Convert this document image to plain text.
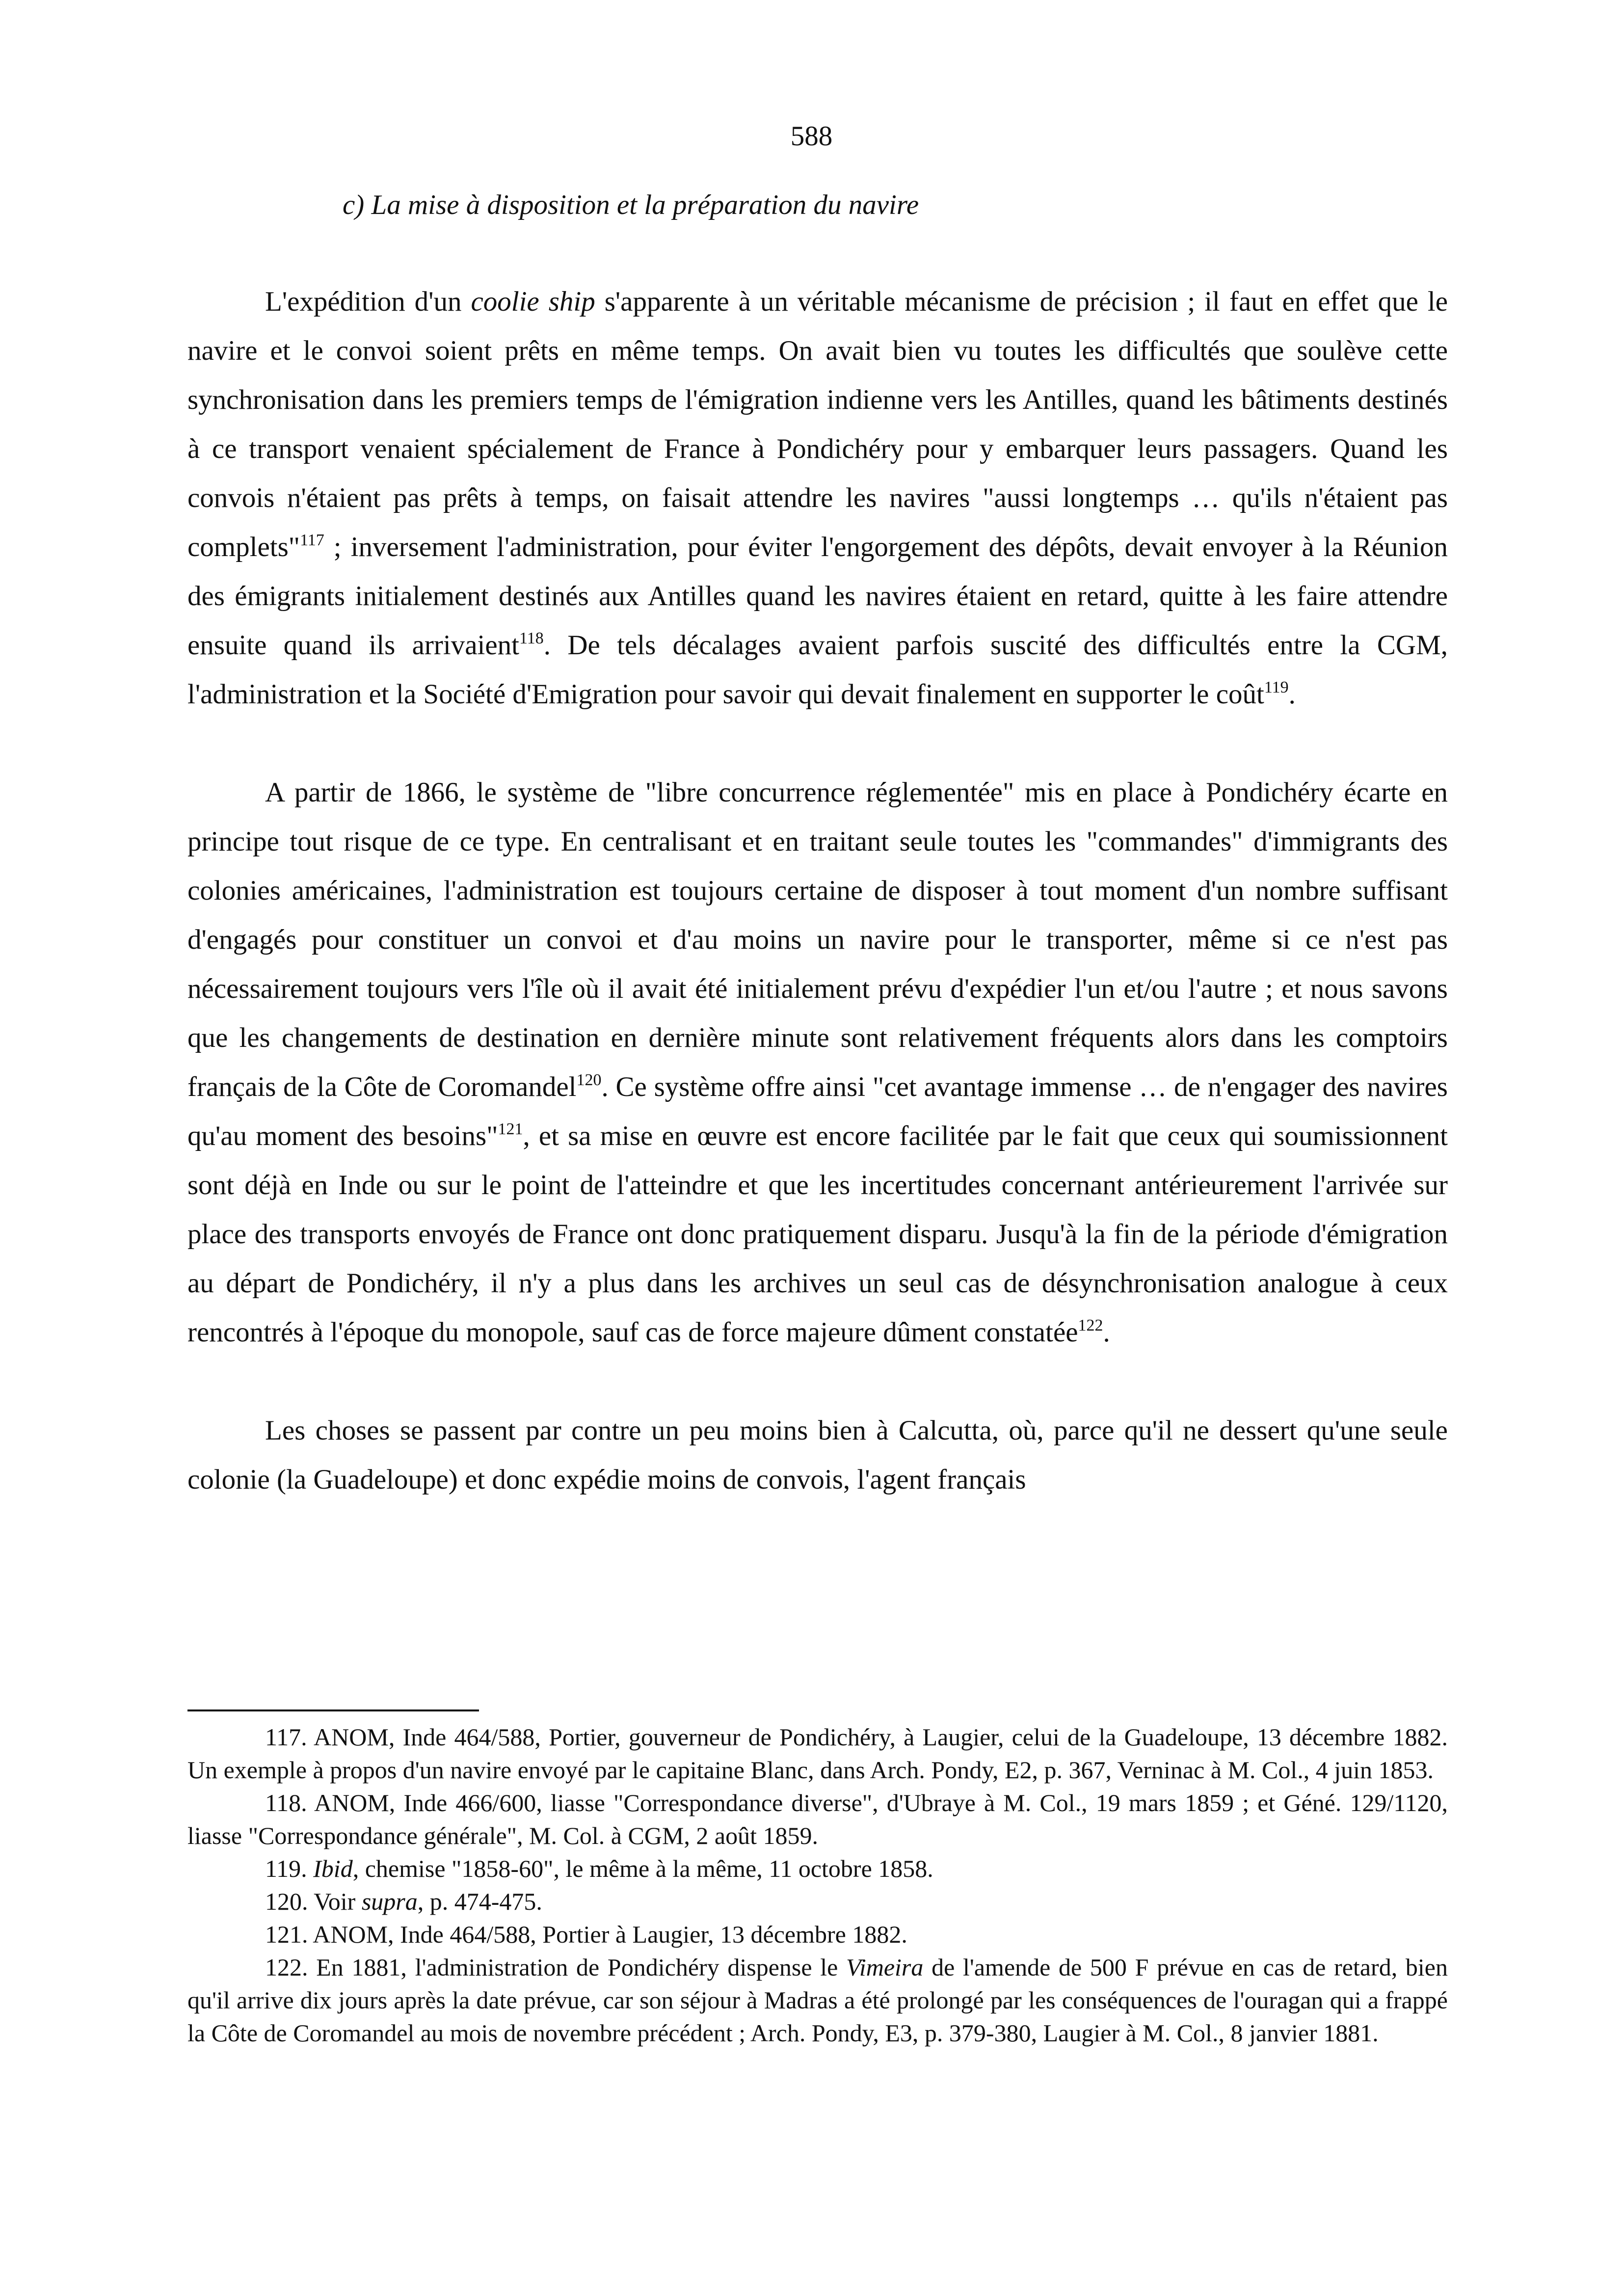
588
c) La mise à disposition et la préparation du navire

L'expédition d'un coolie ship s'apparente à un véritable mécanisme de précision ; il faut en effet que le navire et le convoi soient prêts en même temps. On avait bien vu toutes les difficultés que soulève cette synchronisation dans les premiers temps de l'émigration indienne vers les Antilles, quand les bâtiments destinés à ce transport venaient spécialement de France à Pondichéry pour y embarquer leurs passagers. Quand les convois n'étaient pas prêts à temps, on faisait attendre les navires "aussi longtemps … qu'ils n'étaient pas complets"$^{117}$ ; inversement l'administration, pour éviter l'engorgement des dépôts, devait envoyer à la Réunion des émigrants initialement destinés aux Antilles quand les navires étaient en retard, quitte à les faire attendre ensuite quand ils arrivaient$^{118}$. De tels décalages avaient parfois suscité des difficultés entre la CGM, l'administration et la Société d'Emigration pour savoir qui devait finalement en supporter le coût$^{119}$.

A partir de 1866, le système de "libre concurrence réglementée" mis en place à Pondichéry écarte en principe tout risque de ce type. En centralisant et en traitant seule toutes les "commandes" d'immigrants des colonies américaines, l'administration est toujours certaine de disposer à tout moment d'un nombre suffisant d'engagés pour constituer un convoi et d'au moins un navire pour le transporter, même si ce n'est pas nécessairement toujours vers l'île où il avait été initialement prévu d'expédier l'un et/ou l'autre ; et nous savons que les changements de destination en dernière minute sont relativement fréquents alors dans les comptoirs français de la Côte de Coromandel$^{120}$. Ce système offre ainsi "cet avantage immense … de n'engager des navires qu'au moment des besoins"$^{121}$, et sa mise en œuvre est encore facilitée par le fait que ceux qui soumissionnent sont déjà en Inde ou sur le point de l'atteindre et que les incertitudes concernant antérieurement l'arrivée sur place des transports envoyés de France ont donc pratiquement disparu. Jusqu'à la fin de la période d'émigration au départ de Pondichéry, il n'y a plus dans les archives un seul cas de désynchronisation analogue à ceux rencontrés à l'époque du monopole, sauf cas de force majeure dûment constatée$^{122}$.

Les choses se passent par contre un peu moins bien à Calcutta, où, parce qu'il ne dessert qu'une seule colonie (la Guadeloupe) et donc expédie moins de convois, l'agent français

117. ANOM, Inde 464/588, Portier, gouverneur de Pondichéry, à Laugier, celui de la Guadeloupe, 13 décembre 1882. Un exemple à propos d'un navire envoyé par le capitaine Blanc, dans Arch. Pondy, E2, p. 367, Verninac à M. Col., 4 juin 1853.

118. ANOM, Inde 466/600, liasse "Correspondance diverse", d'Ubraye à M. Col., 19 mars 1859 ; et Géné. 129/1120, liasse "Correspondance générale", M. Col. à CGM, 2 août 1859.

119. Ibid, chemise "1858-60", le même à la même, 11 octobre 1858.

120. Voir supra, p. 474-475.

121. ANOM, Inde 464/588, Portier à Laugier, 13 décembre 1882.

122. En 1881, l'administration de Pondichéry dispense le Vimeira de l'amende de 500 F prévue en cas de retard, bien qu'il arrive dix jours après la date prévue, car son séjour à Madras a été prolongé par les conséquences de l'ouragan qui a frappé la Côte de Coromandel au mois de novembre précédent ; Arch. Pondy, E3, p. 379-380, Laugier à M. Col., 8 janvier 1881.
